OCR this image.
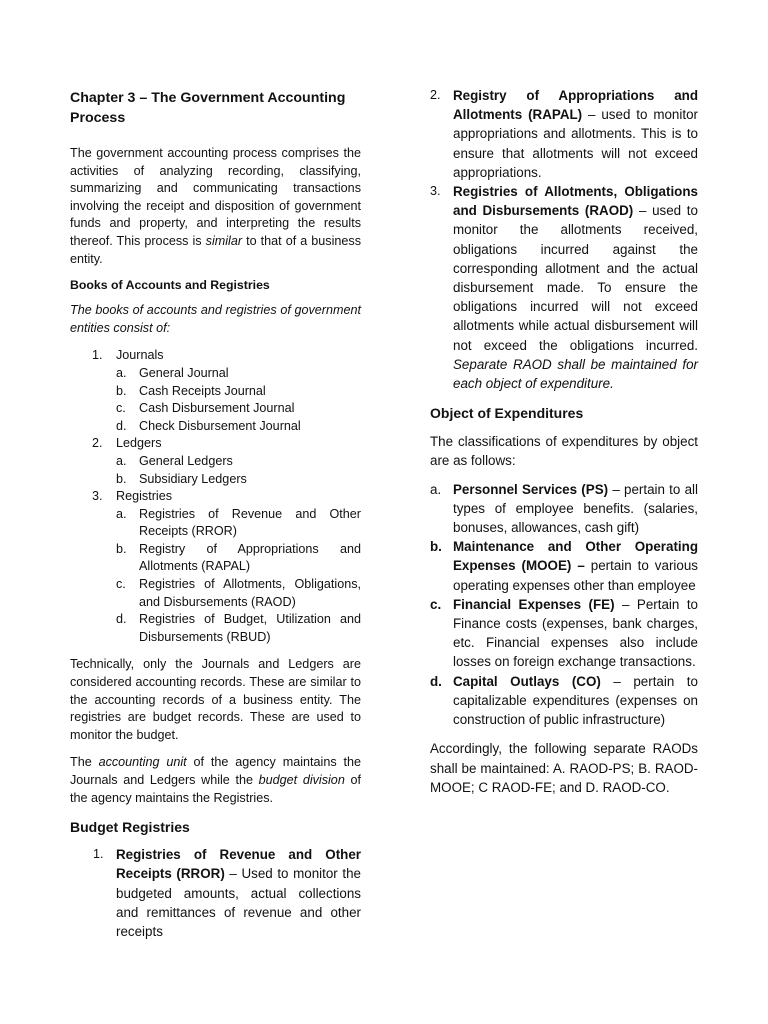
Chapter 3 – The Government Accounting Process

The government accounting process comprises the activities of analyzing recording, classifying, summarizing and communicating transactions involving the receipt and disposition of government funds and property, and interpreting the results thereof. This process is similar to that of a business entity.

Books of Accounts and Registries

The books of accounts and registries of government entities consist of:

1. Journals
a. General Journal
b. Cash Receipts Journal
c. Cash Disbursement Journal
d. Check Disbursement Journal
2. Ledgers
a. General Ledgers
b. Subsidiary Ledgers
3. Registries
a. Registries of Revenue and Other Receipts (RROR)
b. Registry of Appropriations and Allotments (RAPAL)
c. Registries of Allotments, Obligations, and Disbursements (RAOD)
d. Registries of Budget, Utilization and Disbursements (RBUD)

Technically, only the Journals and Ledgers are considered accounting records. These are similar to the accounting records of a business entity. The registries are budget records. These are used to monitor the budget.

The accounting unit of the agency maintains the Journals and Ledgers while the budget division of the agency maintains the Registries.

Budget Registries

1. Registries of Revenue and Other Receipts (RROR) – Used to monitor the budgeted amounts, actual collections and remittances of revenue and other receipts
2. Registry of Appropriations and Allotments (RAPAL) – used to monitor appropriations and allotments. This is to ensure that allotments will not exceed appropriations.
3. Registries of Allotments, Obligations and Disbursements (RAOD) – used to monitor the allotments received, obligations incurred against the corresponding allotment and the actual disbursement made. To ensure the obligations incurred will not exceed allotments while actual disbursement will not exceed the obligations incurred. Separate RAOD shall be maintained for each object of expenditure.

Object of Expenditures

The classifications of expenditures by object are as follows:

a. Personnel Services (PS) – pertain to all types of employee benefits. (salaries, bonuses, allowances, cash gift)
b. Maintenance and Other Operating Expenses (MOOE) – pertain to various operating expenses other than employee
c. Financial Expenses (FE) – Pertain to Finance costs (expenses, bank charges, etc. Financial expenses also include losses on foreign exchange transactions.
d. Capital Outlays (CO) – pertain to capitalizable expenditures (expenses on construction of public infrastructure)

Accordingly, the following separate RAODs shall be maintained: A. RAOD-PS; B. RAOD-MOOE; C RAOD-FE; and D. RAOD-CO.
